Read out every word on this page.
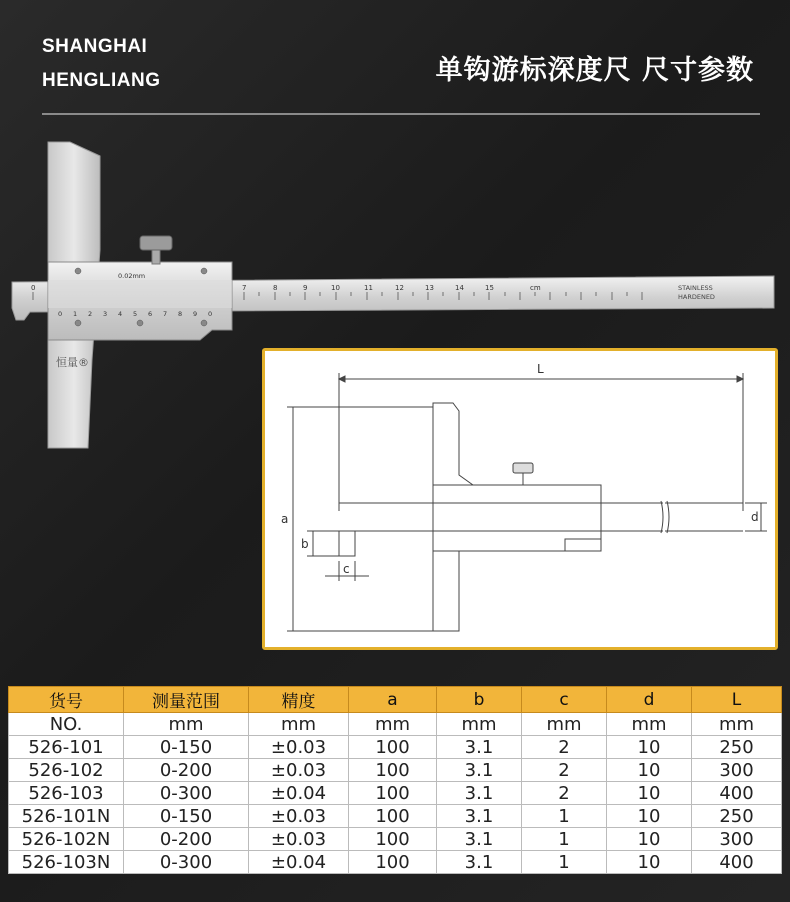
SHANGHAI
HENGLIANG	单钩游标深度尺 尺寸参数
0	7	8	9	10	11	12	13	14	15	cm	STAINLESS
HARDENED
0.02mm
0 1 2 3 4 5 6 7 8 9 0
恒量®	L
a
b
c
d
货号	测量范围	精度	a	b	c	d	L
NO.	mm	mm	mm	mm	mm	mm	mm
526-101	0-150	±0.03	100	3.1	2	10	250
526-102	0-200	±0.03	100	3.1	2	10	300
526-103	0-300	±0.04	100	3.1	2	10	400
526-101N	0-150	±0.03	100	3.1	1	10	250
526-102N	0-200	±0.03	100	3.1	1	10	300
526-103N	0-300	±0.04	100	3.1	1	10	400
